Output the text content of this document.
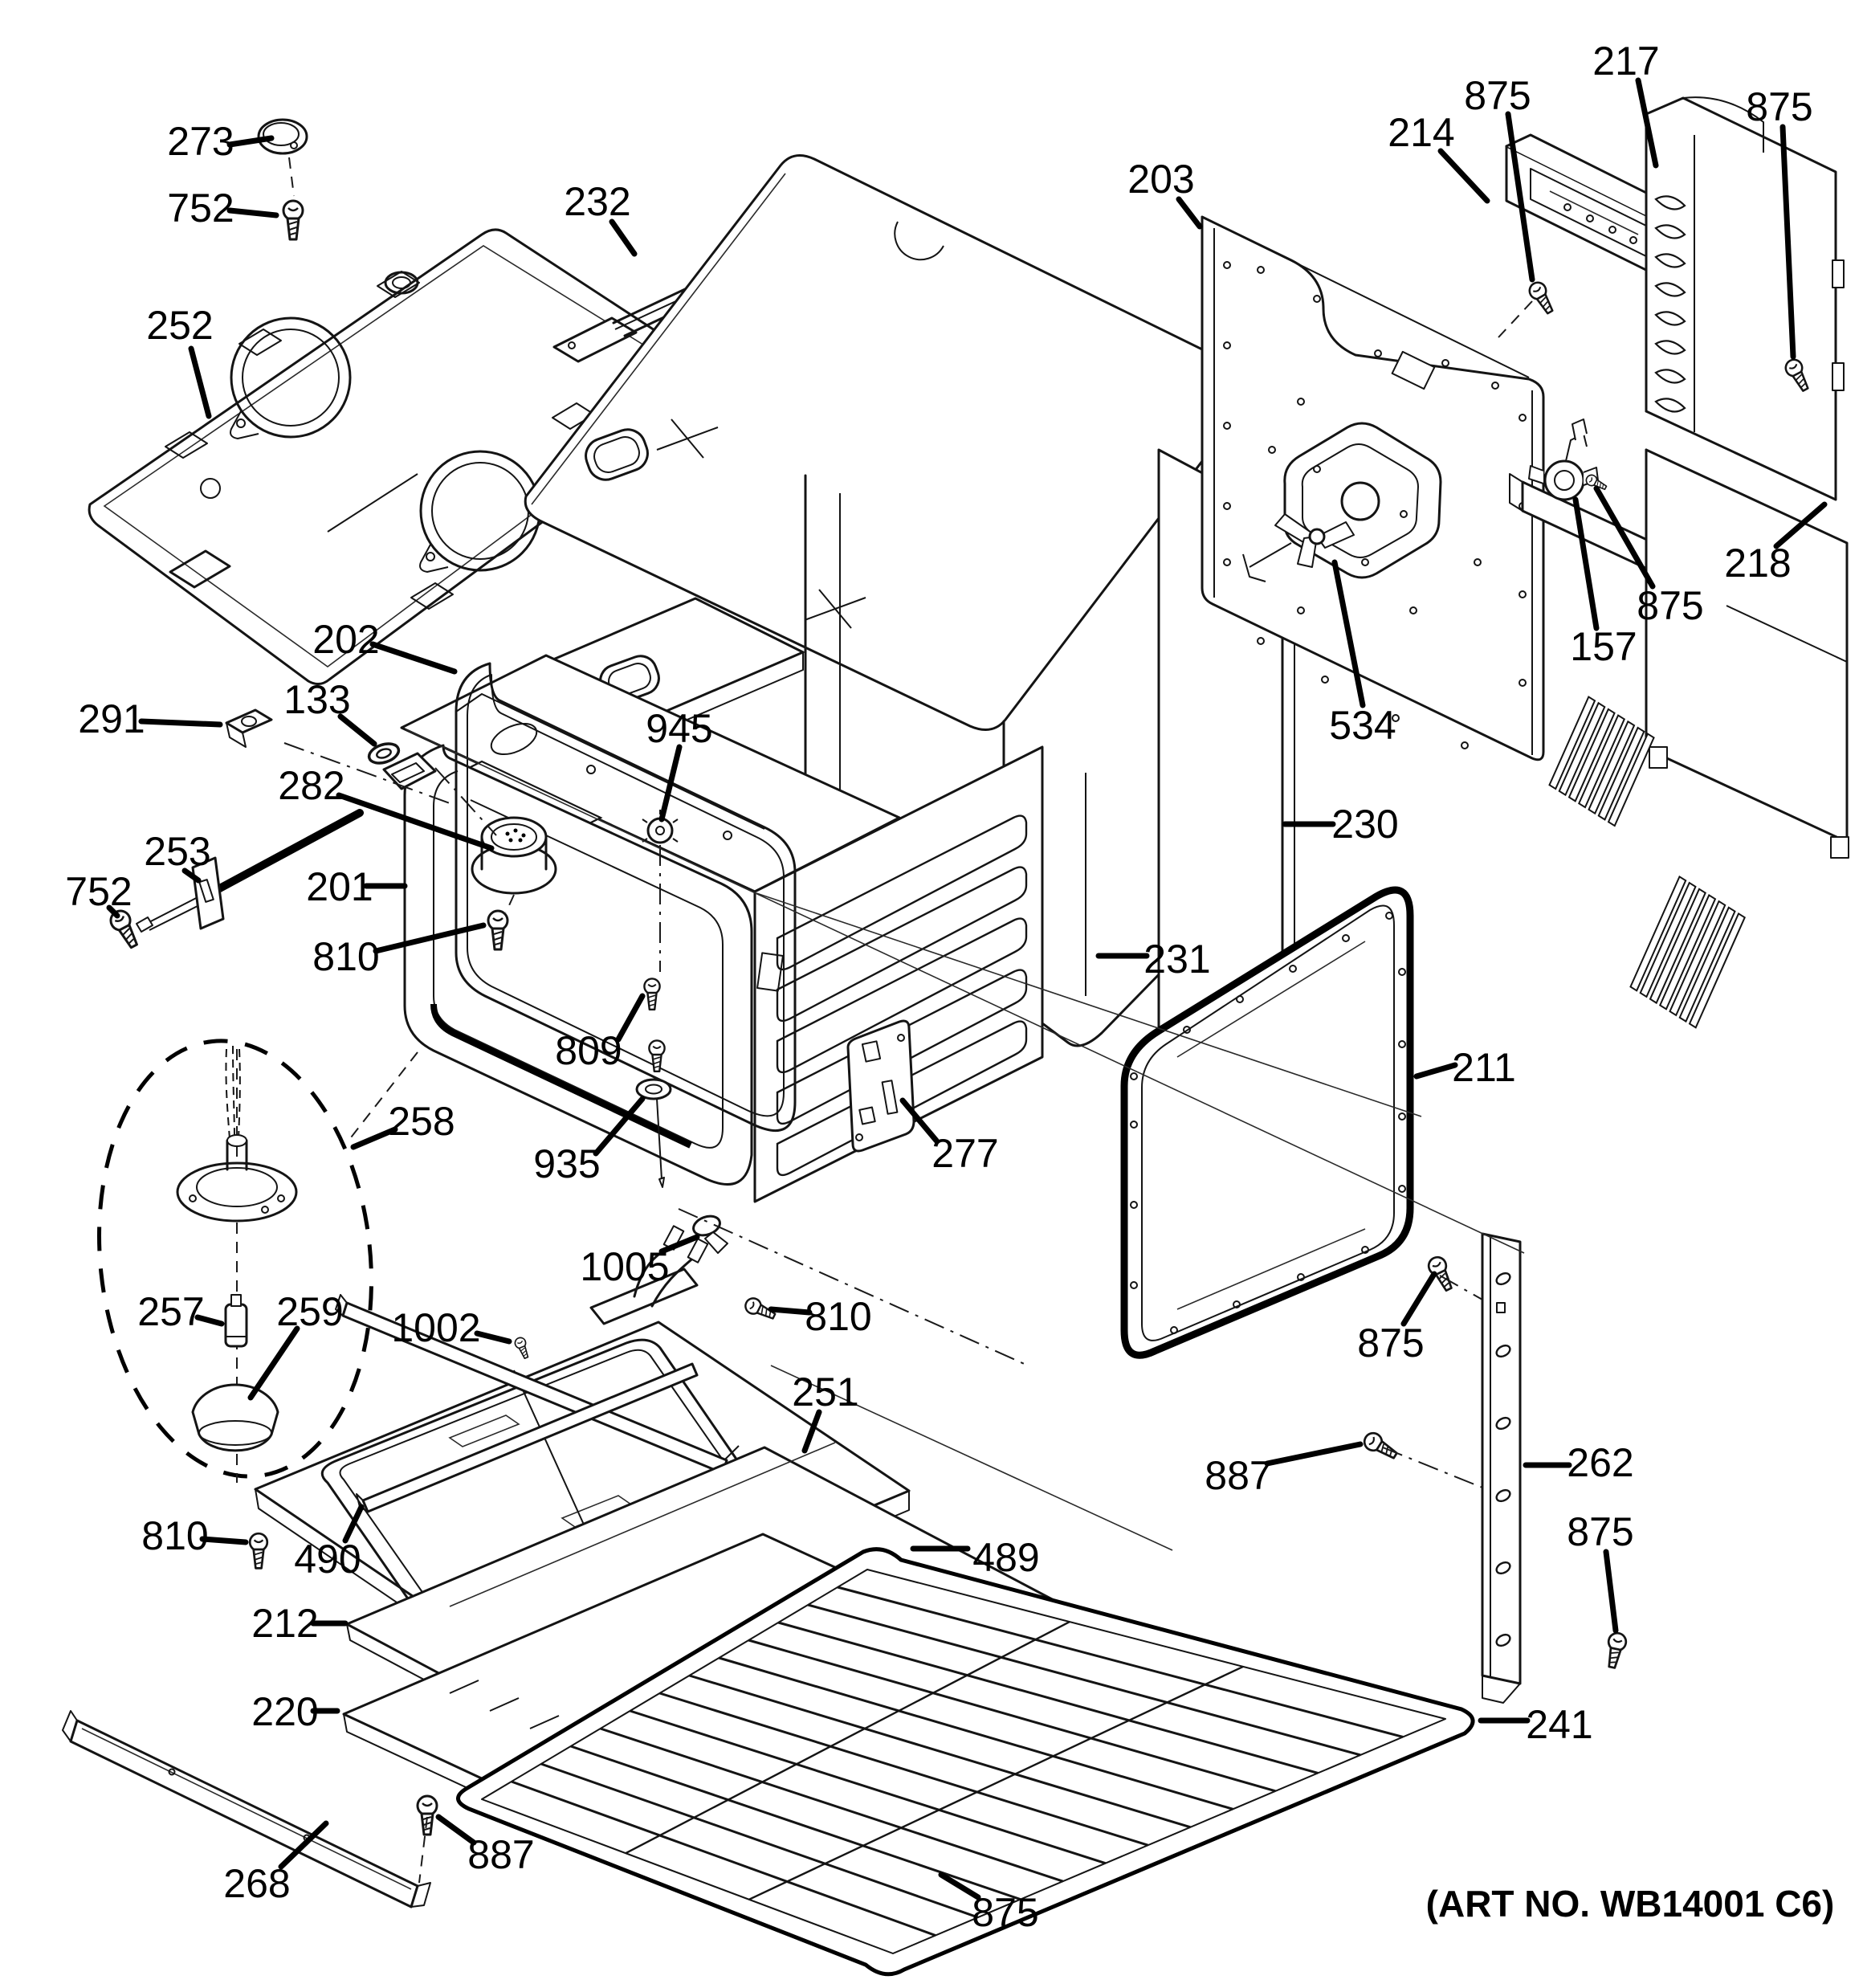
273
752
252
232
291	133
282
253
752	201
810
202
945
809
935
1005
258
257 259
810
1002
490
810
251
489
212
220
268
887
875
203
214
875
217
875
218
875
157
534
230
231
211
277
875
887	262
875
241
(ART NO. WB14001 C6)
